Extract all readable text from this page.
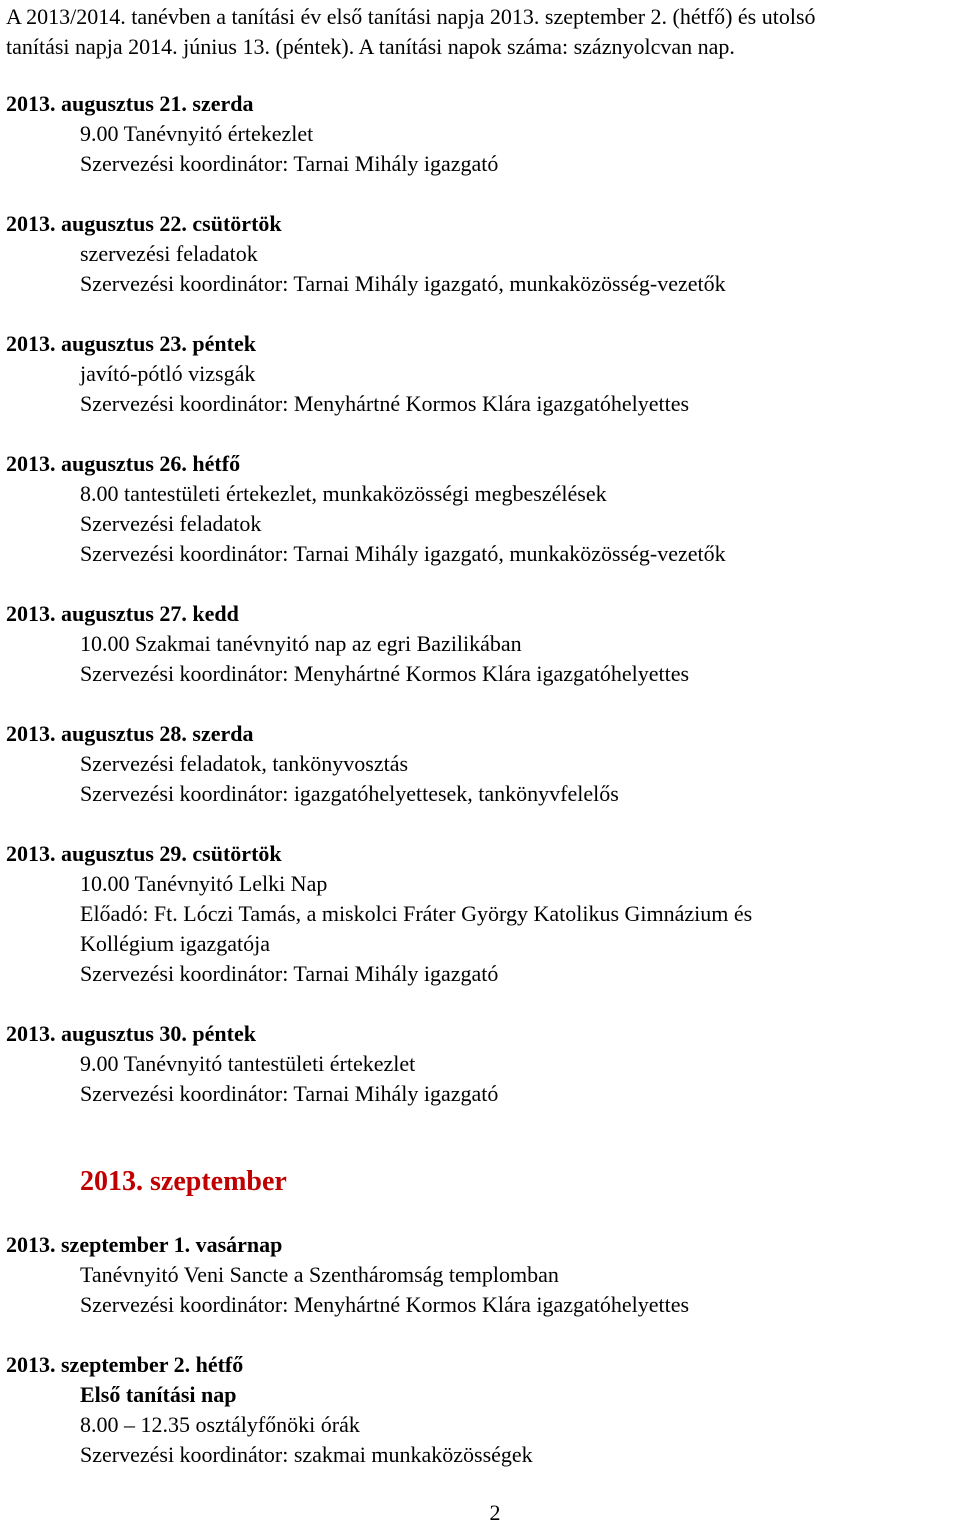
A 2013/2014. tanévben a tanítási év első tanítási napja 2013. szeptember 2. (hétfő) és utolsó
tanítási napja 2014. június 13. (péntek). A tanítási napok száma: száznyolcvan nap.
2013. augusztus 21. szerda
9.00 Tanévnyitó értekezlet
Szervezési koordinátor: Tarnai Mihály igazgató
2013. augusztus 22. csütörtök
szervezési feladatok
Szervezési koordinátor: Tarnai Mihály igazgató, munkaközösség-vezetők
2013. augusztus 23. péntek
javító-pótló vizsgák
Szervezési koordinátor: Menyhártné Kormos Klára igazgatóhelyettes
2013. augusztus 26. hétfő
8.00 tantestületi értekezlet, munkaközösségi megbeszélések
Szervezési feladatok
Szervezési koordinátor: Tarnai Mihály igazgató, munkaközösség-vezetők
2013. augusztus 27. kedd
10.00 Szakmai tanévnyitó nap az egri Bazilikában
Szervezési koordinátor: Menyhártné Kormos Klára igazgatóhelyettes
2013. augusztus 28. szerda
Szervezési feladatok, tankönyvosztás
Szervezési koordinátor: igazgatóhelyettesek, tankönyvfelelős
2013. augusztus 29. csütörtök
10.00 Tanévnyitó Lelki Nap
Előadó: Ft. Lóczi Tamás, a miskolci Fráter György Katolikus Gimnázium és
Kollégium igazgatója
Szervezési koordinátor: Tarnai Mihály igazgató
2013. augusztus 30. péntek
9.00 Tanévnyitó tantestületi értekezlet
Szervezési koordinátor: Tarnai Mihály igazgató
2013. szeptember
2013. szeptember 1. vasárnap
Tanévnyitó Veni Sancte a Szentháromság templomban
Szervezési koordinátor: Menyhártné Kormos Klára igazgatóhelyettes
2013. szeptember 2. hétfő
Első tanítási nap
8.00 – 12.35 osztályfőnöki órák
Szervezési koordinátor: szakmai munkaközösségek
2
